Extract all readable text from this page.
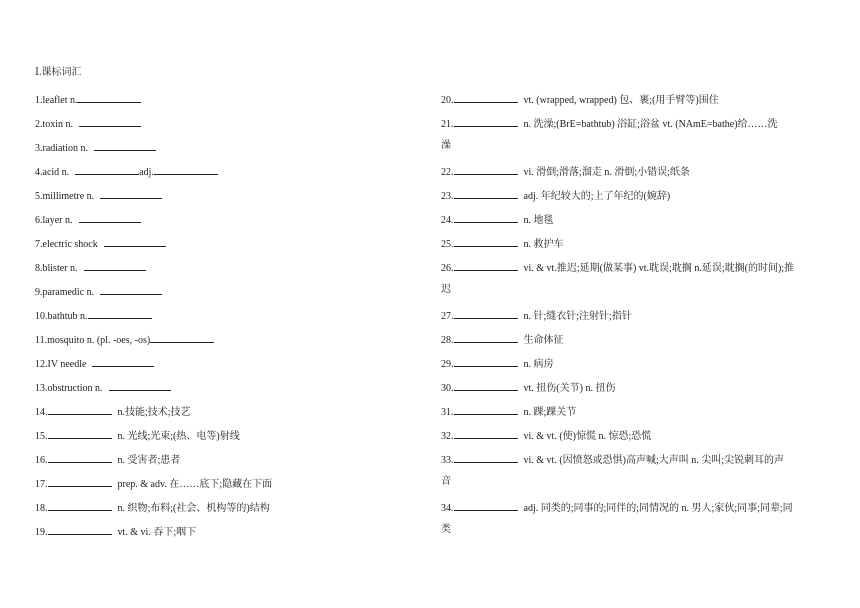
Ⅰ.课标词汇
1.leaflet n.
2.toxin n.
3.radiation n.
4.acid n.	adj.
5.millimetre n.
6.layer n.
7.electric shock
8.blister n.
9.paramedic n.
10.bathtub n.
11.mosquito n. (pl. -oes, -os)
12.IV needle
13.obstruction n.
14.	n.技能;技术;技艺
15.	n. 光线;光束;(热、电等)射线
16.	n. 受害者;患者
17.	prep. & adv. 在……底下;隐藏在下面
18.	n. 织物;布料;(社会、机构等的)结构
19.	vt. & vi. 吞下;咽下
20.	vt. (wrapped, wrapped) 包、裹;(用手臂等)围住
21.	n. 洗澡;(BrE=bathtub) 浴缸;浴盆 vt. (NAmE=bathe)给……洗
澡
22.	vi. 滑倒;滑落;溜走 n. 滑倒;小错误;纸条
23.	adj. 年纪较大的;上了年纪的(婉辞)
24.	n. 地毯
25.	n. 救护车
26.	vi. & vt.推迟;延期(做某事) vt.耽误;耽搁 n.延误;耽搁(的时间);推
迟
27.	n. 针;缝衣针;注射针;指针
28.	生命体征
29.	n. 病房
30.	vt. 扭伤(关节) n. 扭伤
31.	n. 踝;踝关节
32.	vi. & vt. (使)惊慌 n. 惊恐;恐慌
33.	vi. & vt. (因愤怒或恐惧)高声喊;大声叫 n. 尖叫;尖锐刺耳的声
音
34.	adj. 同类的;同事的;同伴的;同情况的 n. 男人;家伙;同事;同辈;同
类
